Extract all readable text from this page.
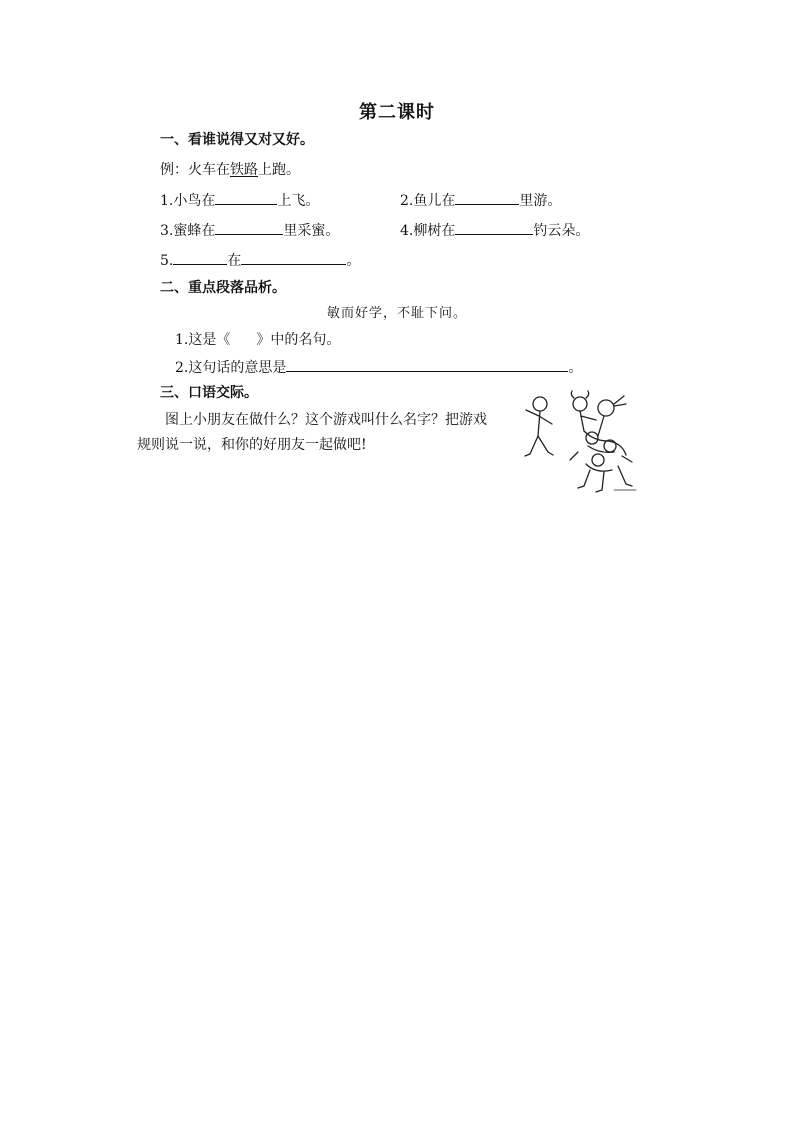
第二课时
一、看谁说得又对又好。
例：火车在铁路上跑。
1.小鸟在	上飞。	2.鱼儿在	里游。
3.蜜蜂在	里采蜜。	4.柳树在	钓云朵。
5.	在	。
二、重点段落品析。
敏而好学，不耻下问。
1.这是《 》中的名句。
2.这句话的意思是	。
三、口语交际。
图上小朋友在做什么？这个游戏叫什么名字？把游戏规则说一说，和你的好朋友一起做吧!
